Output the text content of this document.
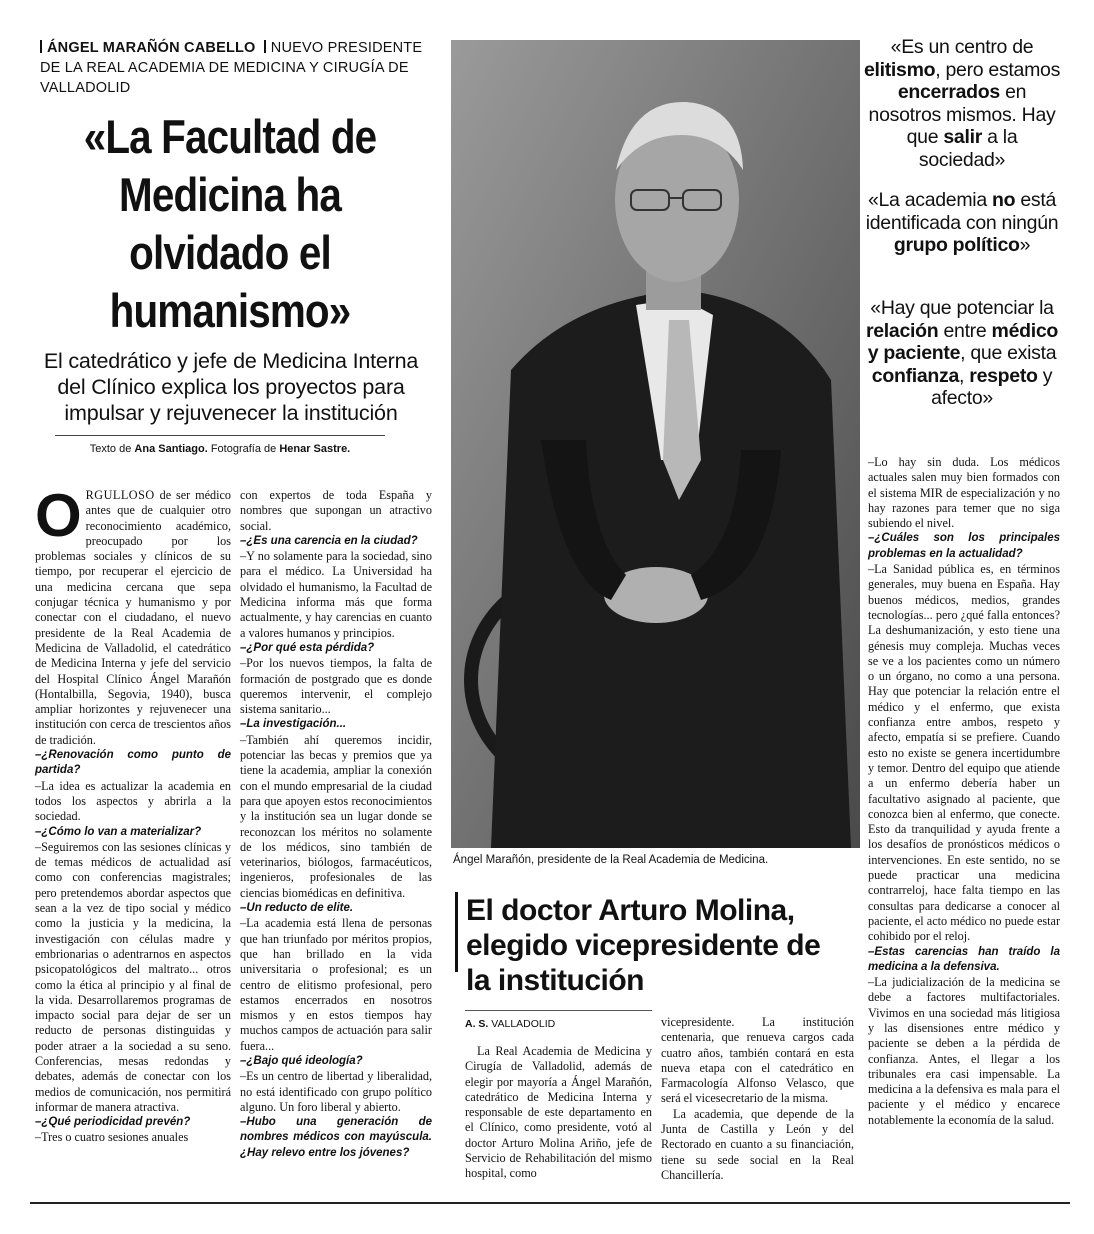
ÁNGEL MARAÑÓN CABELLO NUEVO PRESIDENTE DE LA REAL ACADEMIA DE MEDICINA Y CIRUGÍA DE VALLADOLID
«La Facultad de Medicina ha olvidado el humanismo»
El catedrático y jefe de Medicina Interna del Clínico explica los proyectos para impulsar y rejuvenecer la institución
Texto de Ana Santiago. Fotografía de Henar Sastre.

ORGULLOSO de ser médico antes que de cualquier otro reconocimiento académico, preocupado por los problemas sociales y clínicos de su tiempo, por recuperar el ejercicio de una medicina cercana que sepa conjugar técnica y humanismo y por conectar con el ciudadano, el nuevo presidente de la Real Academia de Medicina de Valladolid, el catedrático de Medicina Interna y jefe del servicio del Hospital Clínico Ángel Marañón (Hontalbilla, Segovia, 1940), busca ampliar horizontes y rejuvenecer una institución con cerca de trescientos años de tradición.

–¿Renovación como punto de partida?

–La idea es actualizar la academia en todos los aspectos y abrirla a la sociedad.

–¿Cómo lo van a materializar?

–Seguiremos con las sesiones clínicas y de temas médicos de actualidad así como con conferencias magistrales; pero pretendemos abordar aspectos que sean a la vez de tipo social y médico como la justicia y la medicina, la investigación con células madre y embrionarias o adentrarnos en aspectos psicopatológicos del maltrato... otros como la ética al principio y al final de la vida. Desarrollaremos programas de impacto social para dejar de ser un reducto de personas distinguidas y poder atraer a la sociedad a su seno. Conferencias, mesas redondas y debates, además de conectar con los medios de comunicación, nos permitirá informar de manera atractiva.

–¿Qué periodicidad prevén?

–Tres o cuatro sesiones anuales

con expertos de toda España y nombres que supongan un atractivo social.

–¿Es una carencia en la ciudad?

–Y no solamente para la sociedad, sino para el médico. La Universidad ha olvidado el humanismo, la Facultad de Medicina informa más que forma actualmente, y hay carencias en cuanto a valores humanos y principios.

–¿Por qué esta pérdida?

–Por los nuevos tiempos, la falta de formación de postgrado que es donde queremos intervenir, el complejo sistema sanitario...

–La investigación...

–También ahí queremos incidir, potenciar las becas y premios que ya tiene la academia, ampliar la conexión con el mundo empresarial de la ciudad para que apoyen estos reconocimientos y la institución sea un lugar donde se reconozcan los méritos no solamente de los médicos, sino también de veterinarios, biólogos, farmacéuticos, ingenieros, profesionales de las ciencias biomédicas en definitiva.

–Un reducto de elite.

–La academia está llena de personas que han triunfado por méritos propios, que han brillado en la vida universitaria o profesional; es un centro de elitismo profesional, pero estamos encerrados en nosotros mismos y en estos tiempos hay muchos campos de actuación para salir fuera...

–¿Bajo qué ideología?

–Es un centro de libertad y liberalidad, no está identificado con grupo político alguno. Un foro liberal y abierto.

–Hubo una generación de nombres médicos con mayúscula. ¿Hay relevo entre los jóvenes?

Ángel Marañón, presidente de la Real Academia de Medicina.
«Es un centro de elitismo, pero estamos encerrados en nosotros mismos. Hay que salir a la sociedad»
«La academia no está identificada con ningún grupo político»
«Hay que potenciar la relación entre médico y paciente, que exista confianza, respeto y afecto»

–Lo hay sin duda. Los médicos actuales salen muy bien formados con el sistema MIR de especialización y no hay razones para temer que no siga subiendo el nivel.

–¿Cuáles son los principales problemas en la actualidad?

–La Sanidad pública es, en términos generales, muy buena en España. Hay buenos médicos, medios, grandes tecnologías... pero ¿qué falla entonces? La deshumanización, y esto tiene una génesis muy compleja. Muchas veces se ve a los pacientes como un número o un órgano, no como a una persona. Hay que potenciar la relación entre el médico y el enfermo, que exista confianza entre ambos, respeto y afecto, empatía si se prefiere. Cuando esto no existe se genera incertidumbre y temor. Dentro del equipo que atiende a un enfermo debería haber un facultativo asignado al paciente, que conozca bien al enfermo, que conecte. Esto da tranquilidad y ayuda frente a los desafíos de pronósticos médicos o intervenciones. En este sentido, no se puede practicar una medicina contrarreloj, hace falta tiempo en las consultas para dedicarse a conocer al paciente, el acto médico no puede estar cohibido por el reloj.

–Estas carencias han traído la medicina a la defensiva.

–La judicialización de la medicina se debe a factores multifactoriales. Vivimos en una sociedad más litigiosa y las disensiones entre médico y paciente se deben a la pérdida de confianza. Antes, el llegar a los tribunales era casi impensable. La medicina a la defensiva es mala para el paciente y el médico y encarece notablemente la economía de la salud.

El doctor Arturo Molina, elegido vicepresidente de la institución
A. S. VALLADOLID

La Real Academia de Medicina y Cirugía de Valladolid, además de elegir por mayoría a Ángel Marañón, catedrático de Medicina Interna y responsable de este departamento en el Clínico, como presidente, votó al doctor Arturo Molina Ariño, jefe de Servicio de Rehabilitación del mismo hospital, como

vicepresidente. La institución centenaria, que renueva cargos cada cuatro años, también contará en esta nueva etapa con el catedrático en Farmacología Alfonso Velasco, que será el vicesecretario de la misma.

La academia, que depende de la Junta de Castilla y León y del Rectorado en cuanto a su financiación, tiene su sede social en la Real Chancillería.
